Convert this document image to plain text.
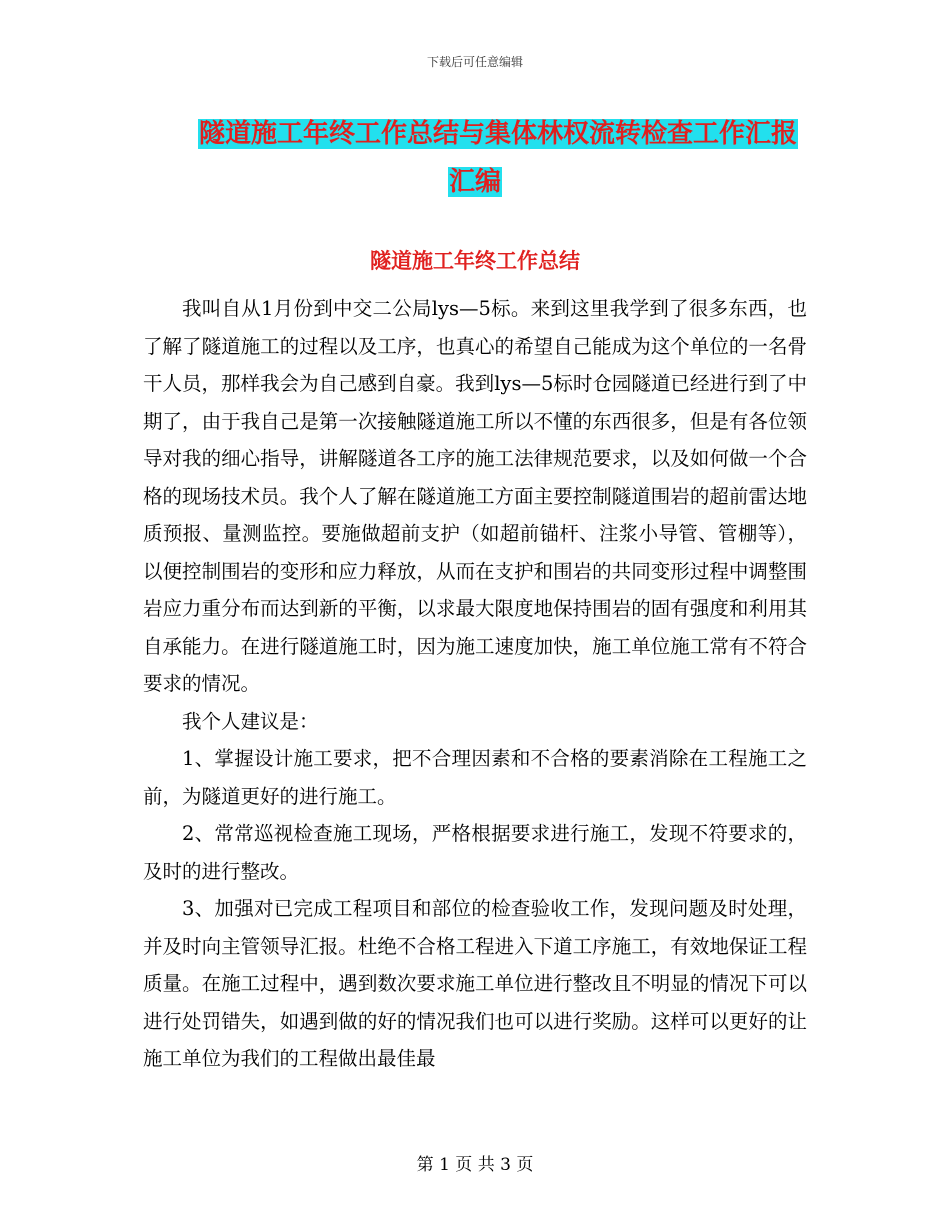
下载后可任意编辑
隧道施工年终工作总结与集体林权流转检查工作汇报
汇编
隧道施工年终工作总结

我叫自从1月份到中交二公局lys—5标。来到这里我学到了很多东西，也了解了隧道施工的过程以及工序，也真心的希望自己能成为这个单位的一名骨干人员，那样我会为自己感到自豪。我到lys—5标时仓园隧道已经进行到了中期了，由于我自己是第一次接触隧道施工所以不懂的东西很多，但是有各位领导对我的细心指导，讲解隧道各工序的施工法律规范要求，以及如何做一个合格的现场技术员。我个人了解在隧道施工方面主要控制隧道围岩的超前雷达地质预报、量测监控。要施做超前支护（如超前锚杆、注浆小导管、管棚等），以便控制围岩的变形和应力释放，从而在支护和围岩的共同变形过程中调整围岩应力重分布而达到新的平衡，以求最大限度地保持围岩的固有强度和利用其自承能力。在进行隧道施工时，因为施工速度加快，施工单位施工常有不符合要求的情况。

我个人建议是：

1、掌握设计施工要求，把不合理因素和不合格的要素消除在工程施工之前，为隧道更好的进行施工。

2、常常巡视检查施工现场，严格根据要求进行施工，发现不符要求的，及时的进行整改。

3、加强对已完成工程项目和部位的检查验收工作，发现问题及时处理，并及时向主管领导汇报。杜绝不合格工程进入下道工序施工，有效地保证工程质量。在施工过程中，遇到数次要求施工单位进行整改且不明显的情况下可以进行处罚错失，如遇到做的好的情况我们也可以进行奖励。这样可以更好的让施工单位为我们的工程做出最佳最

第 1 页 共 3 页
